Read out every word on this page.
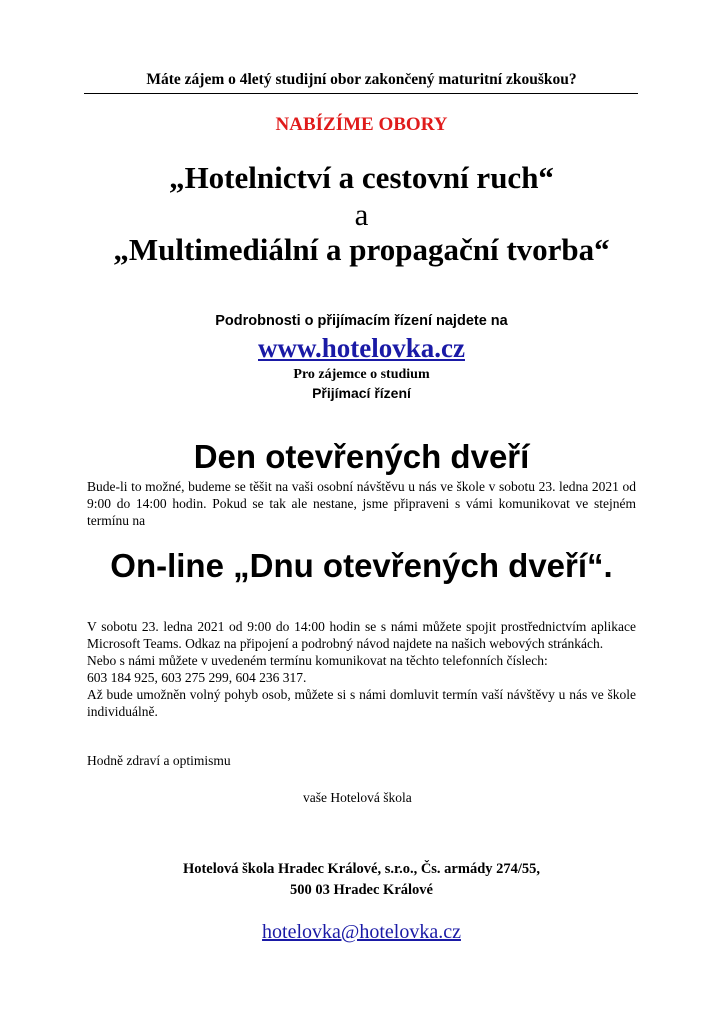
Máte zájem o 4letý studijní obor zakončený maturitní zkouškou?
NABÍZÍME OBORY
„Hotelnictví a cestovní ruch“
a
„Multimediální a propagační tvorba“
Podrobnosti o přijímacím řízení najdete na
www.hotelovka.cz
Pro zájemce o studium
Přijímací řízení
Den otevřených dveří
Bude-li to možné, budeme se těšit na vaši osobní návštěvu u nás ve škole v sobotu 23. ledna 2021 od 9:00 do 14:00 hodin. Pokud se tak ale nestane, jsme připraveni s vámi komunikovat ve stejném termínu na
On-line „Dnu otevřených dveří“.
V sobotu 23. ledna 2021 od 9:00 do 14:00 hodin se s námi můžete spojit prostřednictvím aplikace Microsoft Teams. Odkaz na připojení a podrobný návod najdete na našich webových stránkách.
Nebo s námi můžete v uvedeném termínu komunikovat na těchto telefonních číslech:
603 184 925, 603 275 299, 604 236 317.
Až bude umožněn volný pohyb osob, můžete si s námi domluvit termín vaší návštěvy u nás ve škole individuálně.
Hodně zdraví a optimismu
vaše Hotelová škola
Hotelová škola Hradec Králové, s.r.o., Čs. armády 274/55,
500 03 Hradec Králové
hotelovka@hotelovka.cz
